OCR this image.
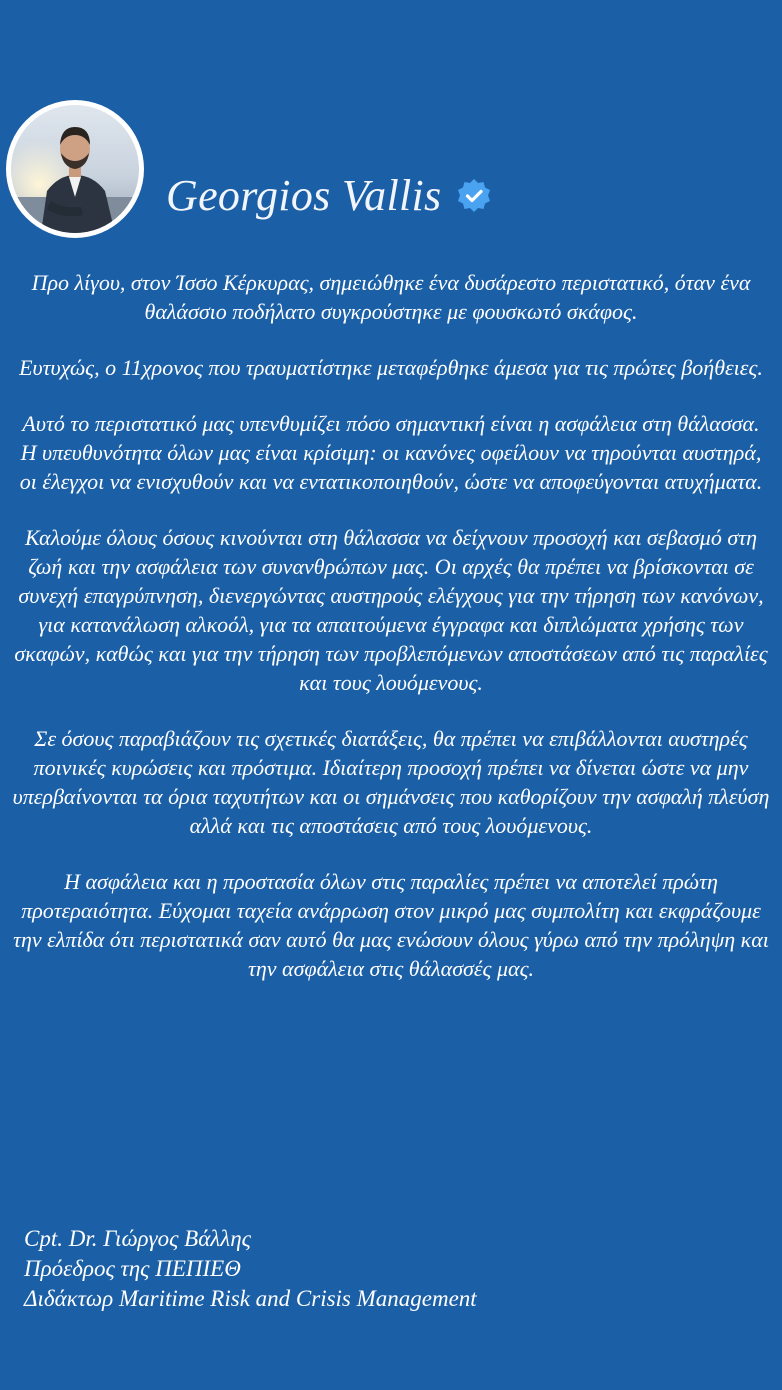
Georgios Vallis

Προ λίγου, στον Ίσσο Κέρκυρας, σημειώθηκε ένα δυσάρεστο περιστατικό, όταν ένα θαλάσσιο ποδήλατο συγκρούστηκε με φουσκωτό σκάφος.

Ευτυχώς, ο 11χρονος που τραυματίστηκε μεταφέρθηκε άμεσα για τις πρώτες βοήθειες.

Αυτό το περιστατικό μας υπενθυμίζει πόσο σημαντική είναι η ασφάλεια στη θάλασσα. Η υπευθυνότητα όλων μας είναι κρίσιμη: οι κανόνες οφείλουν να τηρούνται αυστηρά, οι έλεγχοι να ενισχυθούν και να εντατικοποιηθούν, ώστε να αποφεύγονται ατυχήματα.

Καλούμε όλους όσους κινούνται στη θάλασσα να δείχνουν προσοχή και σεβασμό στη ζωή και την ασφάλεια των συνανθρώπων μας. Οι αρχές θα πρέπει να βρίσκονται σε συνεχή επαγρύπνηση, διενεργώντας αυστηρούς ελέγχους για την τήρηση των κανόνων, για κατανάλωση αλκοόλ, για τα απαιτούμενα έγγραφα και διπλώματα χρήσης των σκαφών, καθώς και για την τήρηση των προβλεπόμενων αποστάσεων από τις παραλίες και τους λουόμενους.

Σε όσους παραβιάζουν τις σχετικές διατάξεις, θα πρέπει να επιβάλλονται αυστηρές ποινικές κυρώσεις και πρόστιμα. Ιδιαίτερη προσοχή πρέπει να δίνεται ώστε να μην υπερβαίνονται τα όρια ταχυτήτων και οι σημάνσεις που καθορίζουν την ασφαλή πλεύση αλλά και τις αποστάσεις από τους λουόμενους.

Η ασφάλεια και η προστασία όλων στις παραλίες πρέπει να αποτελεί πρώτη προτεραιότητα. Εύχομαι ταχεία ανάρρωση στον μικρό μας συμπολίτη και εκφράζουμε την ελπίδα ότι περιστατικά σαν αυτό θα μας ενώσουν όλους γύρω από την πρόληψη και την ασφάλεια στις θάλασσές μας.

Cpt. Dr. Γιώργος Βάλλης
Πρόεδρος της ΠΕΠΙΕΘ
Διδάκτωρ Maritime Risk and Crisis Management
